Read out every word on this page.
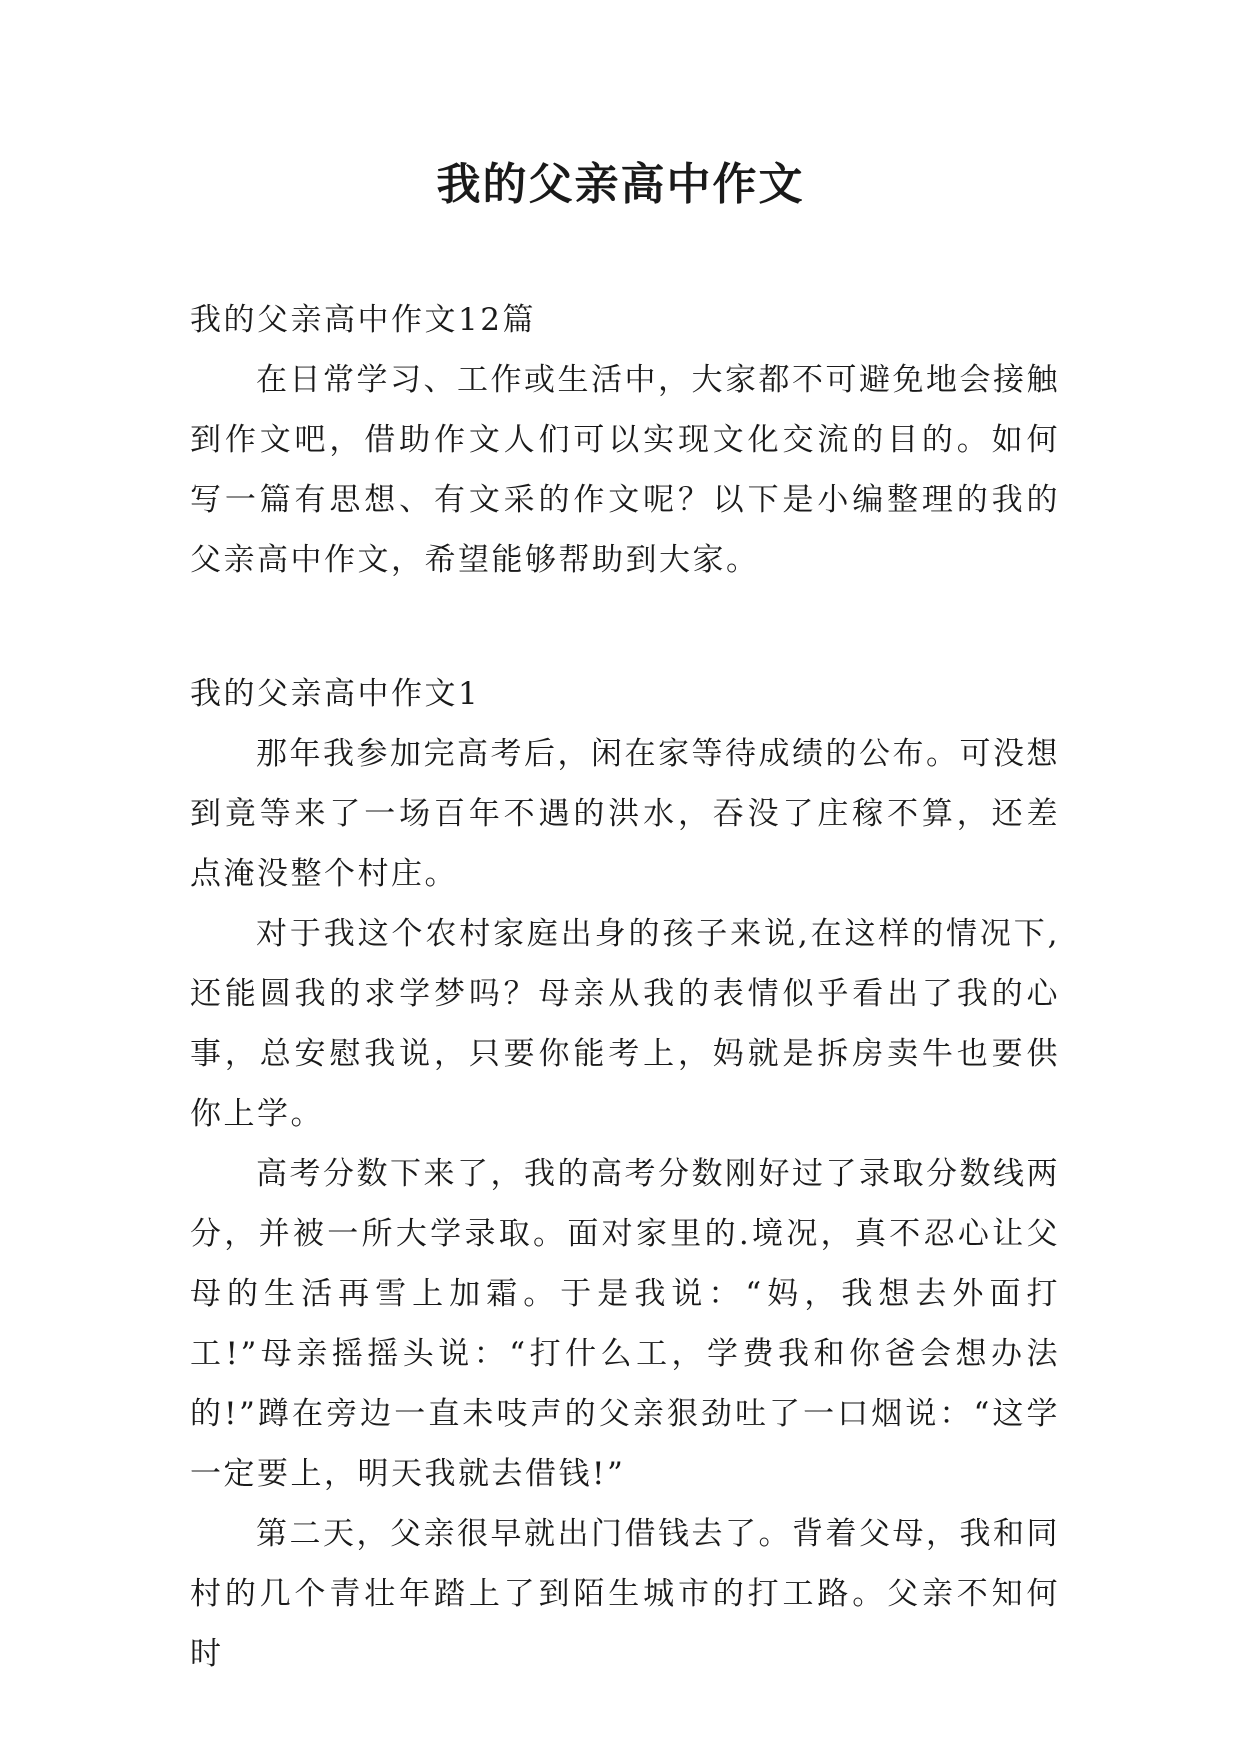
我的父亲高中作文

我的父亲高中作文12篇

在日常学习、工作或生活中，大家都不可避免地会接触到作文吧，借助作文人们可以实现文化交流的目的。如何写一篇有思想、有文采的作文呢？以下是小编整理的我的父亲高中作文，希望能够帮助到大家。

我的父亲高中作文1

那年我参加完高考后，闲在家等待成绩的公布。可没想到竟等来了一场百年不遇的洪水，吞没了庄稼不算，还差点淹没整个村庄。

对于我这个农村家庭出身的孩子来说,在这样的情况下,还能圆我的求学梦吗？母亲从我的表情似乎看出了我的心事，总安慰我说，只要你能考上，妈就是拆房卖牛也要供你上学。

高考分数下来了，我的高考分数刚好过了录取分数线两分，并被一所大学录取。面对家里的.境况，真不忍心让父母的生活再雪上加霜。于是我说：“妈，我想去外面打工!”母亲摇摇头说：“打什么工，学费我和你爸会想办法的!”蹲在旁边一直未吱声的父亲狠劲吐了一口烟说：“这学一定要上，明天我就去借钱!”

第二天，父亲很早就出门借钱去了。背着父母，我和同村的几个青壮年踏上了到陌生城市的打工路。父亲不知何时
